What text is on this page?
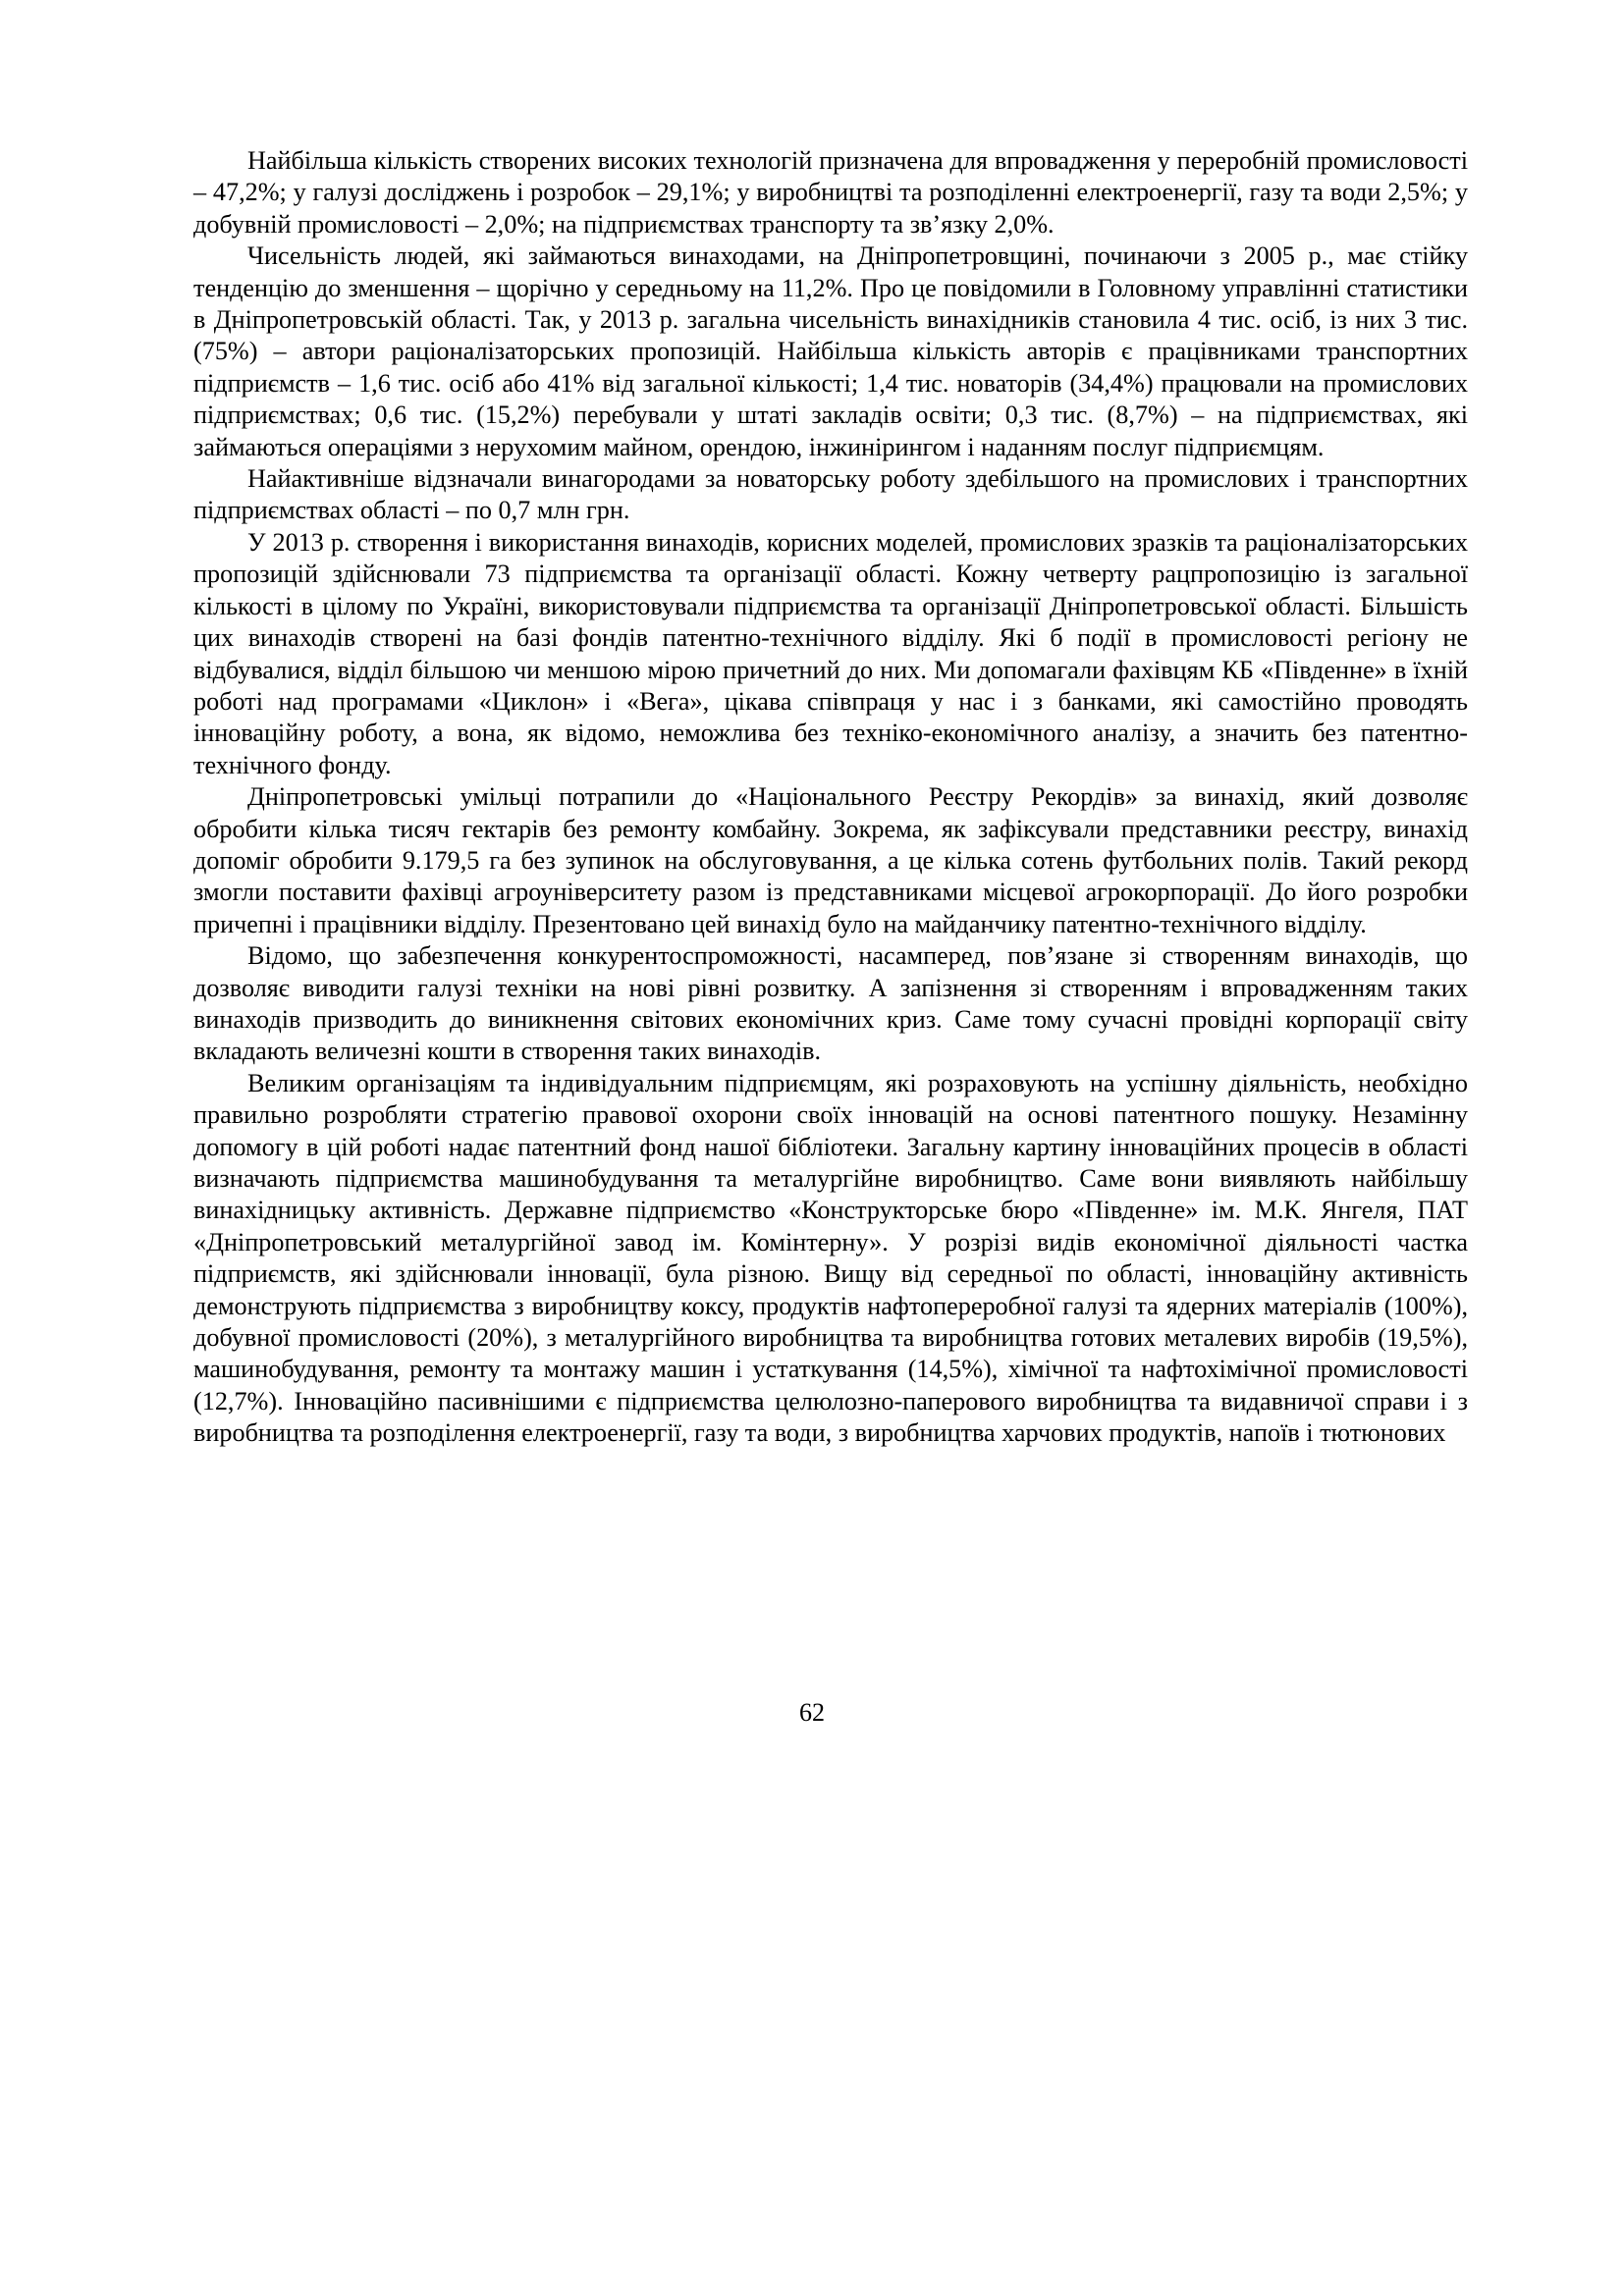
Найбільша кількість створених високих технологій призначена для впровадження у переробній промисловості – 47,2%; у галузі досліджень і розробок – 29,1%; у виробництві та розподіленні електроенергії, газу та води 2,5%; у добувній промисловості – 2,0%; на підприємствах транспорту та зв’язку 2,0%.

Чисельність людей, які займаються винаходами, на Дніпропетровщині, починаючи з 2005 р., має стійку тенденцію до зменшення – щорічно у середньому на 11,2%. Про це повідомили в Головному управлінні статистики в Дніпропетровській області. Так, у 2013 р. загальна чисельність винахідників становила 4 тис. осіб, із них 3 тис. (75%) – автори раціоналізаторських пропозицій. Найбільша кількість авторів є працівниками транспортних підприємств – 1,6 тис. осіб або 41% від загальної кількості; 1,4 тис. новаторів (34,4%) працювали на промислових підприємствах; 0,6 тис. (15,2%) перебували у штаті закладів освіти; 0,3 тис. (8,7%) – на підприємствах, які займаються операціями з нерухомим майном, орендою, інжинірингом і наданням послуг підприємцям.

Найактивніше відзначали винагородами за новаторську роботу здебільшого на промислових і транспортних підприємствах області – по 0,7 млн грн.

У 2013 р. створення і використання винаходів, корисних моделей, промислових зразків та раціоналізаторських пропозицій здійснювали 73 підприємства та організації області. Кожну четверту рацпропозицію із загальної кількості в цілому по Україні, використовували підприємства та організації Дніпропетровської області. Більшість цих винаходів створені на базі фондів патентно-технічного відділу. Які б події в промисловості регіону не відбувалися, відділ більшою чи меншою мірою причетний до них. Ми допомагали фахівцям КБ «Південне» в їхній роботі над програмами «Циклон» і «Вега», цікава співпраця у нас і з банками, які самостійно проводять інноваційну роботу, а вона, як відомо, неможлива без техніко-економічного аналізу, а значить без патентно-технічного фонду.

Дніпропетровські умільці потрапили до «Національного Реєстру Рекордів» за винахід, який дозволяє обробити кілька тисяч гектарів без ремонту комбайну. Зокрема, як зафіксували представники реєстру, винахід допоміг обробити 9.179,5 га без зупинок на обслуговування, а це кілька сотень футбольних полів. Такий рекорд змогли поставити фахівці агроуніверситету разом із представниками місцевої агрокорпорації. До його розробки причепні і працівники відділу. Презентовано цей винахід було на майданчику патентно-технічного відділу.

Відомо, що забезпечення конкурентоспроможності, насамперед, пов’язане зі створенням винаходів, що дозволяє виводити галузі техніки на нові рівні розвитку. А запізнення зі створенням і впровадженням таких винаходів призводить до виникнення світових економічних криз. Саме тому сучасні провідні корпорації світу вкладають величезні кошти в створення таких винаходів.

Великим організаціям та індивідуальним підприємцям, які розраховують на успішну діяльність, необхідно правильно розробляти стратегію правової охорони своїх інновацій на основі патентного пошуку. Незамінну допомогу в цій роботі надає патентний фонд нашої бібліотеки. Загальну картину інноваційних процесів в області визначають підприємства машинобудування та металургійне виробництво. Саме вони виявляють найбільшу винахідницьку активність. Державне підприємство «Конструкторське бюро «Південне» ім. М.К. Янгеля, ПАТ «Дніпропетровський металургійної завод ім. Комінтерну». У розрізі видів економічної діяльності частка підприємств, які здійснювали інновації, була різною. Вищу від середньої по області, інноваційну активність демонструють підприємства з виробництву коксу, продуктів нафтопереробної галузі та ядерних матеріалів (100%), добувної промисловості (20%), з металургійного виробництва та виробництва готових металевих виробів (19,5%), машинобудування, ремонту та монтажу машин і устаткування (14,5%), хімічної та нафтохімічної промисловості (12,7%). Інноваційно пасивнішими є підприємства целюлозно-паперового виробництва та видавничої справи і з виробництва та розподілення електроенергії, газу та води, з виробництва харчових продуктів, напоїв і тютюнових

62
